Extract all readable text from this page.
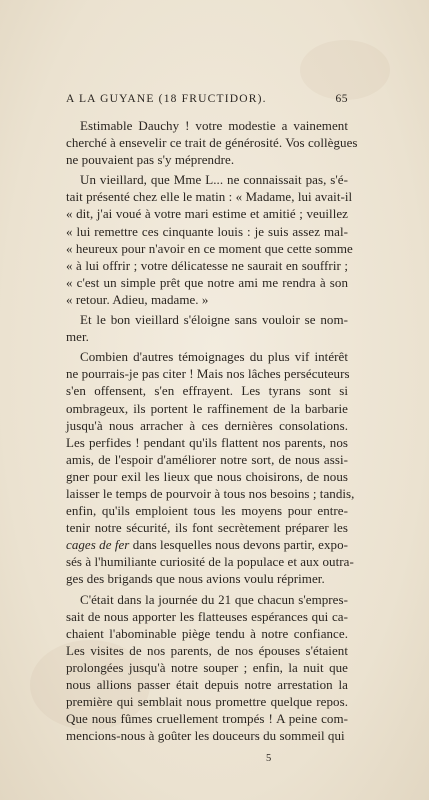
A LA GUYANE (18 FRUCTIDOR).	65
Estimable Dauchy ! votre modestie a vainement
cherché à ensevelir ce trait de générosité. Vos collègues
ne pouvaient pas s'y méprendre.
Un vieillard, que Mme L... ne connaissait pas, s'é-
tait présenté chez elle le matin : « Madame, lui avait-il
« dit, j'ai voué à votre mari estime et amitié ; veuillez
« lui remettre ces cinquante louis : je suis assez mal-
« heureux pour n'avoir en ce moment que cette somme
« à lui offrir ; votre délicatesse ne saurait en souffrir ;
« c'est un simple prêt que notre ami me rendra à son
« retour. Adieu, madame. »
Et le bon vieillard s'éloigne sans vouloir se nom-
mer.
Combien d'autres témoignages du plus vif intérêt
ne pourrais-je pas citer ! Mais nos lâches persécuteurs
s'en offensent, s'en effrayent. Les tyrans sont si
ombrageux, ils portent le raffinement de la barbarie
jusqu'à nous arracher à ces dernières consolations.
Les perfides ! pendant qu'ils flattent nos parents, nos
amis, de l'espoir d'améliorer notre sort, de nous assi-
gner pour exil les lieux que nous choisirons, de nous
laisser le temps de pourvoir à tous nos besoins ; tandis,
enfin, qu'ils emploient tous les moyens pour entre-
tenir notre sécurité, ils font secrètement préparer les
cages de fer dans lesquelles nous devons partir, expo-
sés à l'humiliante curiosité de la populace et aux outra-
ges des brigands que nous avions voulu réprimer.
C'était dans la journée du 21 que chacun s'empres-
sait de nous apporter les flatteuses espérances qui ca-
chaient l'abominable piège tendu à notre confiance.
Les visites de nos parents, de nos épouses s'étaient
prolongées jusqu'à notre souper ; enfin, la nuit que
nous allions passer était depuis notre arrestation la
première qui semblait nous promettre quelque repos.
Que nous fûmes cruellement trompés ! A peine com-
mencions-nous à goûter les douceurs du sommeil qui
5
